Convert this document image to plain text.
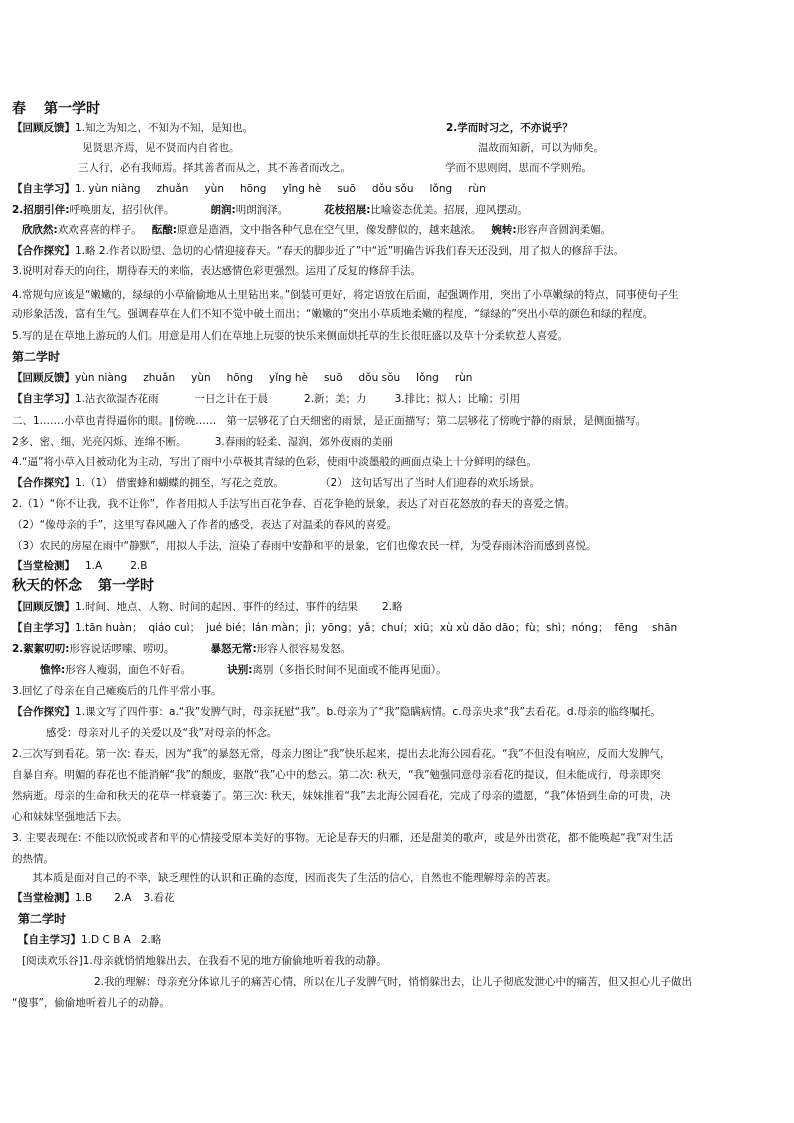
春 第一学时
【回顾反馈】1.知之为知之，不知为不知，是知也。	2.学而时习之，不亦说乎？
见贤思齐焉，见不贤而内自省也。	温故而知新，可以为师矣。
三人行，必有我师焉。择其善者而从之，其不善者而改之。	学而不思则罔，思而不学则殆。
【自主学习】1. yùn niàng zhuǎn yùn hōng yǐng hè suō dǒu sǒu lǒng rùn
2.招朋引伴:呼唤朋友，招引伙伴。	朗润:明朗润泽。	花枝招展:比喻姿态优美。招展，迎风摆动。
欣欣然:欢欢喜喜的样子。 酝酿:原意是造酒，文中指各种气息在空气里，像发酵似的，越来越浓。 婉转:形容声音圆润柔媚。
【合作探究】1.略 2.作者以盼望、急切的心情迎接春天。“春天的脚步近了”中“近”明确告诉我们春天还没到，用了拟人的修辞手法。
3.说明对春天的向往，期待春天的来临，表达感情色彩更强烈。运用了反复的修辞手法。
4.常规句应该是“嫩嫩的，绿绿的小草偷偷地从土里钻出来。”倒装可更好，将定语放在后面，起强调作用，突出了小草嫩绿的特点，同事使句子生
动形象活泼，富有生气。强调春草在人们不知不觉中破土而出；“嫩嫩的”突出小草质地柔嫩的程度，“绿绿的”突出小草的颜色和绿的程度。
5.写的是在草地上游玩的人们。用意是用人们在草地上玩耍的快乐来侧面烘托草的生长很旺盛以及草十分柔软惹人喜爱。
第二学时
【回顾反馈】yùn niàng zhuǎn yùn hōng yǐng hè suō dǒu sǒu lǒng rùn
【自主学习】1.沾衣欲湿杏花雨	一日之计在于晨	2.新；美；力	3.排比；拟人；比喻；引用
二、1.……小草也青得逼你的眼。‖傍晚…… 第一层够花了白天细密的雨景，是正面描写；第二层够花了傍晚宁静的雨景，是侧面描写。
2多、密、细、光亮闪烁、连绵不断。	3.春雨的轻柔、湿润，郊外夜雨的美丽
4.“逼”将小草入目被动化为主动，写出了雨中小草极其青绿的色彩，使雨中淡墨般的画面点染上十分鲜明的绿色。
【合作探究】1.（1） 借蜜蜂和蝴蝶的拥至，写花之竞放。	（2） 这句话写出了当时人们迎春的欢乐场景。
2.（1）“你不让我，我不让你”，作者用拟人手法写出百花争春、百花争艳的景象，表达了对百花怒放的春天的喜爱之情。
（2）“像母亲的手”，这里写春风融入了作者的感受，表达了对温柔的春风的喜爱。
（3）农民的房屋在雨中“静默”，用拟人手法，渲染了春雨中安静和平的景象，它们也像农民一样，为受春雨沐浴而感到喜悦。
【当堂检测】 1.A	2.B
秋天的怀念 第一学时
【回顾反馈】1.时间、地点、人物、时间的起因、事件的经过、事件的结果 2.略
【自主学习】1.tān huàn； qiáo cuì； jué bié；lán màn；jì；yōng；yǎ；chuí；xiū；xù xù dǎo dāo；fù；shì；nóng； fēng shān
2.絮絮叨叨:形容说话啰嗦、唠叨。	暴怒无常:形容人很容易发怒。
憔悴:形容人瘦弱，面色不好看。	诀别:离别（多指长时间不见面或不能再见面）。
3.回忆了母亲在自己瘫痪后的几件平常小事。
【合作探究】1.课文写了四件事：a.“我”发脾气时，母亲抚慰“我”。b.母亲为了“我”隐瞒病情。c.母亲央求“我”去看花。d.母亲的临终嘱托。
感受：母亲对儿子的关爱以及“我”对母亲的怀念。
2.三次写到看花。第一次: 春天，因为“我”的暴怒无常，母亲力图让“我”快乐起来，提出去北海公园看花。“我”不但没有响应，反而大发脾气，
自暴自弃。明媚的春花也不能消解“我”的颓废，驱散“我”心中的愁云。第二次: 秋天，“我”勉强同意母亲看花的提议，但未能成行，母亲即突
然病逝。母亲的生命和秋天的花草一样衰萎了。第三次: 秋天，妹妹推着“我”去北海公园看花，完成了母亲的遗愿，“我”体悟到生命的可贵，决
心和妹妹坚强地活下去。
3. 主要表现在: 不能以欣悦或者和平的心情接受原本美好的事物。无论是春天的归雁，还是甜美的歌声，或是外出赏花，都不能唤起“我”对生活
的热情。
其本质是面对自己的不幸，缺乏理性的认识和正确的态度，因而丧失了生活的信心，自然也不能理解母亲的苦衷。
【当堂检测】1.B 2.A 3.看花
第二学时
【自主学习】1.D C B A 2.略
[阅读欢乐谷]1.母亲就悄悄地躲出去，在我看不见的地方偷偷地听着我的动静。
2.我的理解：母亲充分体谅儿子的痛苦心情，所以在儿子发脾气时，悄悄躲出去，让儿子彻底发泄心中的痛苦，但又担心儿子做出
“傻事”，偷偷地听着儿子的动静。
